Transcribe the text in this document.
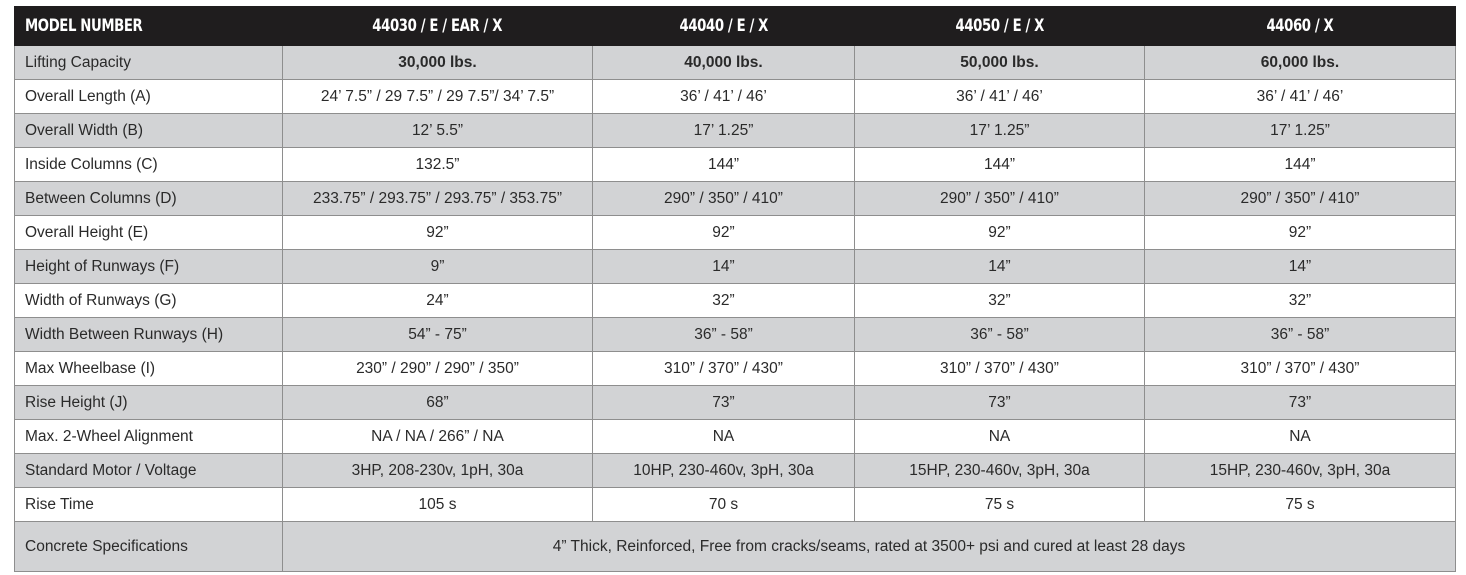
MODEL NUMBER	44030 / E / EAR / X	44040 / E / X	44050 / E / X	44060 / X
Lifting Capacity	30,000 lbs.	40,000 lbs.	50,000 lbs.	60,000 lbs.
Overall Length (A)	24’ 7.5” / 29 7.5” / 29 7.5”/ 34’ 7.5”	36’ / 41’ / 46’	36’ / 41’ / 46’	36’ / 41’ / 46’
Overall Width (B)	12’ 5.5”	17’ 1.25”	17’ 1.25”	17’ 1.25”
Inside Columns (C)	132.5”	144”	144”	144”
Between Columns (D)	233.75” / 293.75” / 293.75” / 353.75”	290” / 350” / 410”	290” / 350” / 410”	290” / 350” / 410”
Overall Height (E)	92”	92”	92”	92”
Height of Runways (F)	9”	14”	14”	14”
Width of Runways (G)	24”	32”	32”	32”
Width Between Runways (H)	54” - 75”	36” - 58”	36” - 58”	36” - 58”
Max Wheelbase (I)	230” / 290” / 290” / 350”	310” / 370” / 430”	310” / 370” / 430”	310” / 370” / 430”
Rise Height (J)	68”	73”	73”	73”
Max. 2-Wheel Alignment	NA / NA / 266” / NA	NA	NA	NA
Standard Motor / Voltage	3HP, 208-230v, 1pH, 30a	10HP, 230-460v, 3pH, 30a	15HP, 230-460v, 3pH, 30a	15HP, 230-460v, 3pH, 30a
Rise Time	105 s	70 s	75 s	75 s
Concrete Specifications	4” Thick, Reinforced, Free from cracks/seams, rated at 3500+ psi and cured at least 28 days			
